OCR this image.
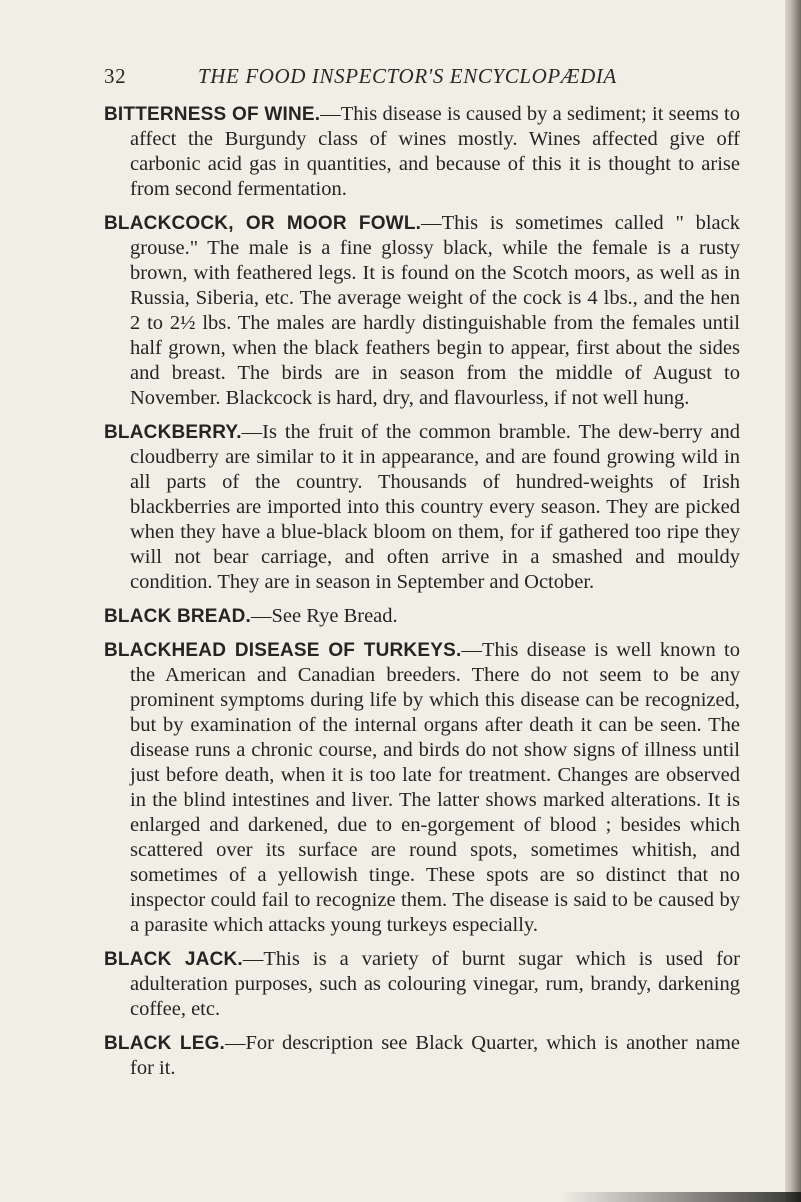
32	THE FOOD INSPECTOR'S ENCYCLOPÆDIA

BITTERNESS OF WINE.—This disease is caused by a sediment; it seems to affect the Burgundy class of wines mostly. Wines affected give off carbonic acid gas in quantities, and because of this it is thought to arise from second fermentation.

BLACKCOCK, OR MOOR FOWL.—This is sometimes called " black grouse." The male is a fine glossy black, while the female is a rusty brown, with feathered legs. It is found on the Scotch moors, as well as in Russia, Siberia, etc. The average weight of the cock is 4 lbs., and the hen 2 to 2½ lbs. The males are hardly distinguishable from the females until half grown, when the black feathers begin to appear, first about the sides and breast. The birds are in season from the middle of August to November. Blackcock is hard, dry, and flavourless, if not well hung.

BLACKBERRY.—Is the fruit of the common bramble. The dew-berry and cloudberry are similar to it in appearance, and are found growing wild in all parts of the country. Thousands of hundred-weights of Irish blackberries are imported into this country every season. They are picked when they have a blue-black bloom on them, for if gathered too ripe they will not bear carriage, and often arrive in a smashed and mouldy condition. They are in season in September and October.

BLACK BREAD.—See Rye Bread.

BLACKHEAD DISEASE OF TURKEYS.—This disease is well known to the American and Canadian breeders. There do not seem to be any prominent symptoms during life by which this disease can be recognized, but by examination of the internal organs after death it can be seen. The disease runs a chronic course, and birds do not show signs of illness until just before death, when it is too late for treatment. Changes are observed in the blind intestines and liver. The latter shows marked alterations. It is enlarged and darkened, due to en-gorgement of blood ; besides which scattered over its surface are round spots, sometimes whitish, and sometimes of a yellowish tinge. These spots are so distinct that no inspector could fail to recognize them. The disease is said to be caused by a parasite which attacks young turkeys especially.

BLACK JACK.—This is a variety of burnt sugar which is used for adulteration purposes, such as colouring vinegar, rum, brandy, darkening coffee, etc.

BLACK LEG.—For description see Black Quarter, which is another name for it.
